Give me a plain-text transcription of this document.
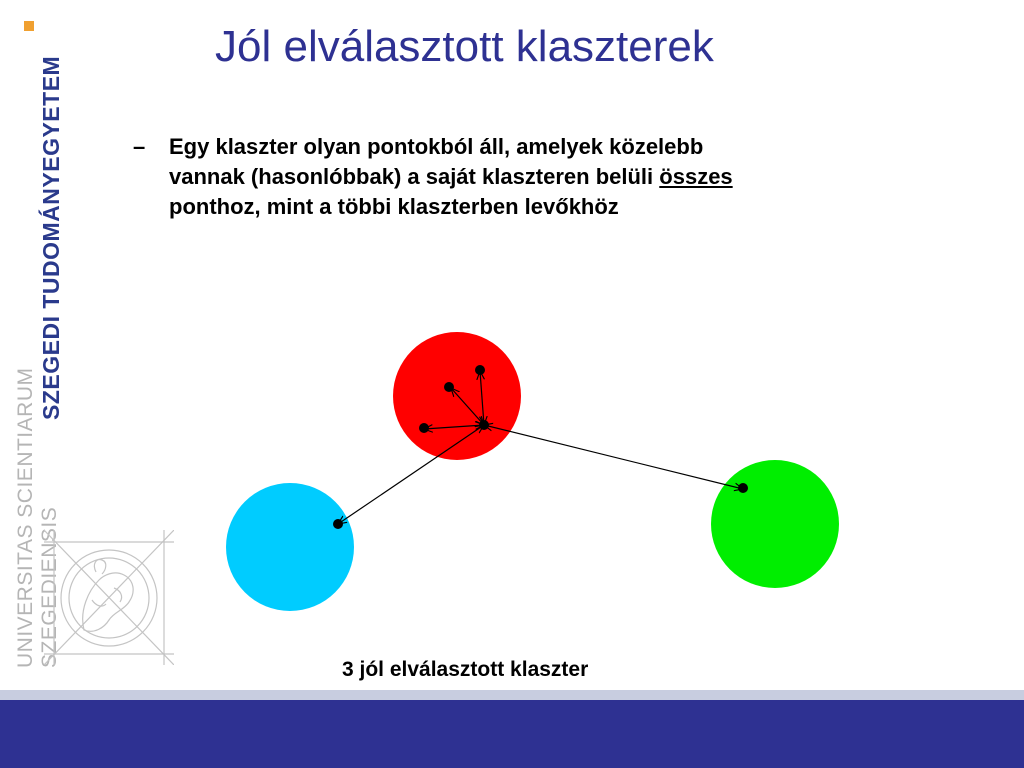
SZEGEDI TUDOMÁNYEGYETEM
UNIVERSITAS SCIENTIARUM SZEGEDIENSIS
Jól elválasztott klaszterek
– Egy klaszter olyan pontokból áll, amelyek közelebb
vannak (hasonlóbbak) a saját klaszteren belüli összes
ponthoz, mint a többi klaszterben levőkhöz
3 jól elválasztott klaszter
